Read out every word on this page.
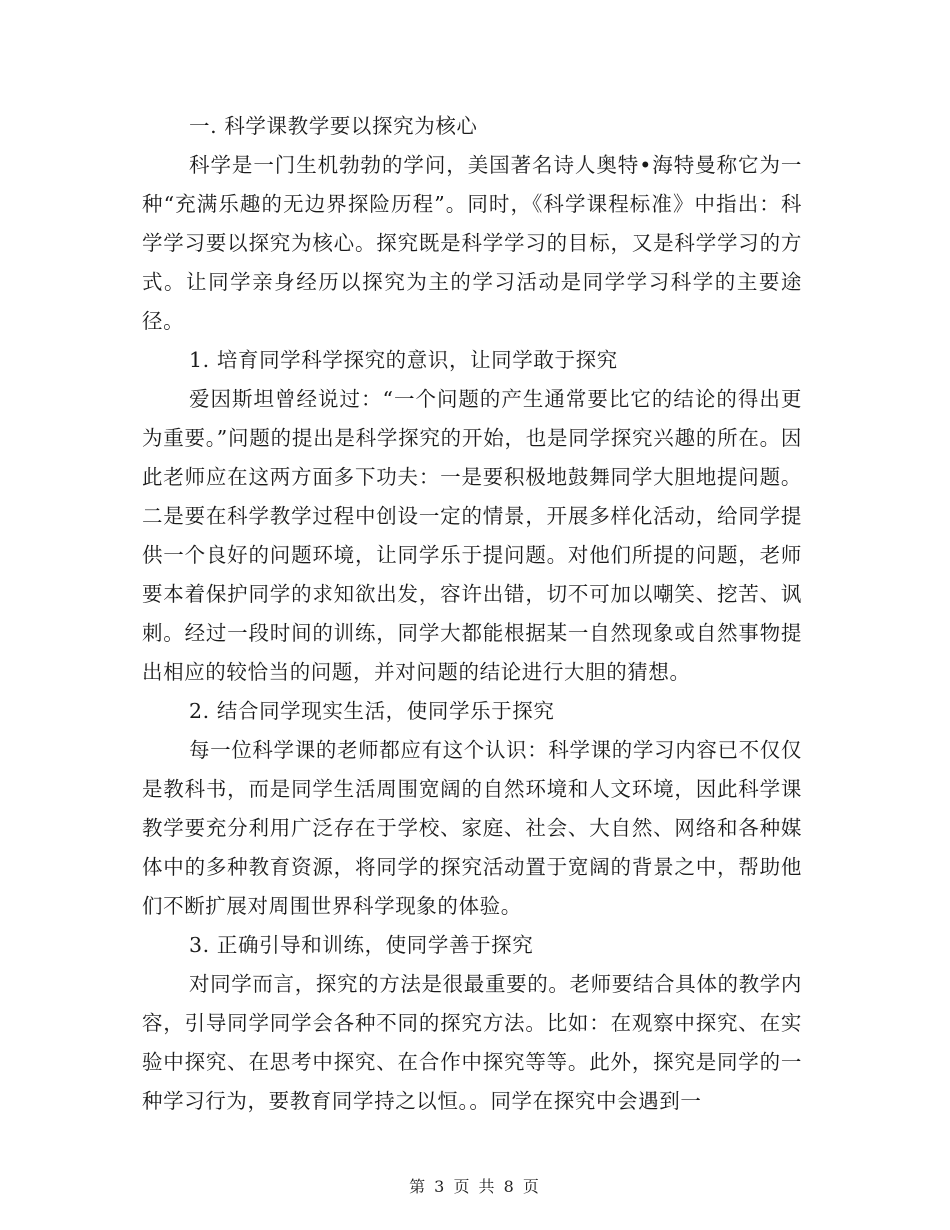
一. 科学课教学要以探究为核心

科学是一门生机勃勃的学问，美国著名诗人奥特•海特曼称它为一种“充满乐趣的无边界探险历程”。同时，《科学课程标准》中指出：科学学习要以探究为核心。探究既是科学学习的目标，又是科学学习的方式。让同学亲身经历以探究为主的学习活动是同学学习科学的主要途径。

1. 培育同学科学探究的意识，让同学敢于探究

爱因斯坦曾经说过：“一个问题的产生通常要比它的结论的得出更为重要。”问题的提出是科学探究的开始，也是同学探究兴趣的所在。因此老师应在这两方面多下功夫：一是要积极地鼓舞同学大胆地提问题。二是要在科学教学过程中创设一定的情景，开展多样化活动，给同学提供一个良好的问题环境，让同学乐于提问题。对他们所提的问题，老师要本着保护同学的求知欲出发，容许出错，切不可加以嘲笑、挖苦、讽刺。经过一段时间的训练，同学大都能根据某一自然现象或自然事物提出相应的较恰当的问题，并对问题的结论进行大胆的猜想。

2. 结合同学现实生活，使同学乐于探究

每一位科学课的老师都应有这个认识：科学课的学习内容已不仅仅是教科书，而是同学生活周围宽阔的自然环境和人文环境，因此科学课教学要充分利用广泛存在于学校、家庭、社会、大自然、网络和各种媒体中的多种教育资源，将同学的探究活动置于宽阔的背景之中，帮助他们不断扩展对周围世界科学现象的体验。

3. 正确引导和训练，使同学善于探究

对同学而言，探究的方法是很最重要的。老师要结合具体的教学内容，引导同学同学会各种不同的探究方法。比如：在观察中探究、在实验中探究、在思考中探究、在合作中探究等等。此外，探究是同学的一种学习行为，要教育同学持之以恒。。同学在探究中会遇到一

第 3 页 共 8 页
